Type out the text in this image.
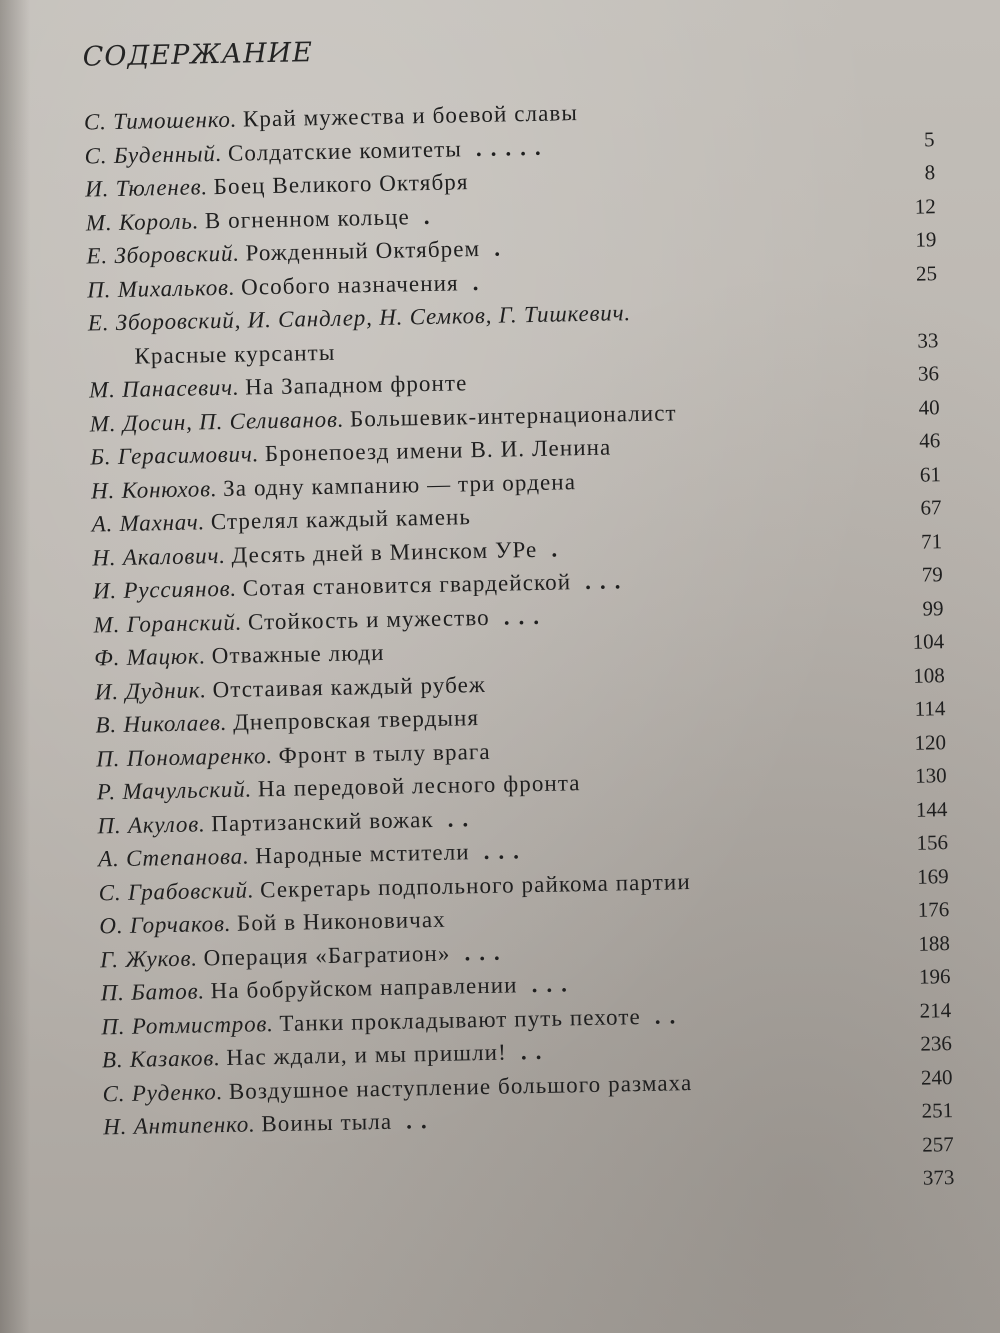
СОДЕРЖАНИЕ
С. Тимошенко. Край мужества и боевой славы
С. Буденный. Солдатские комитеты .....	5
И. Тюленев. Боец Великого Октября	8
М. Король. В огненном кольце .	12
Е. Зборовский. Рожденный Октябрем .	19
П. Михальков. Особого назначения .	25
Е. Зборовский, И. Сандлер, Н. Семков, Г. Тишкевич.
Красные курсанты	33
М. Панасевич. На Западном фронте	36
М. Досин, П. Селиванов. Большевик-интернационалист	40
Б. Герасимович. Бронепоезд имени В. И. Ленина	46
Н. Конюхов. За одну кампанию — три ордена	61
А. Махнач. Стрелял каждый камень	67
Н. Акалович. Десять дней в Минском УРе .	71
И. Руссиянов. Сотая становится гвардейской ...	79
М. Горанский. Стойкость и мужество ...	99
Ф. Мацюк. Отважные люди	104
И. Дудник. Отстаивая каждый рубеж	108
В. Николаев. Днепровская твердыня	114
П. Пономаренко. Фронт в тылу врага	120
Р. Мачульский. На передовой лесного фронта	130
П. Акулов. Партизанский вожак ..	144
А. Степанова. Народные мстители ...	156
С. Грабовский. Секретарь подпольного райкома партии	169
О. Горчаков. Бой в Никоновичах	176
Г. Жуков. Операция «Багратион» ...	188
П. Батов. На бобруйском направлении ...	196
П. Ротмистров. Танки прокладывают путь пехоте ..	214
В. Казаков. Нас ждали, и мы пришли! ..	236
С. Руденко. Воздушное наступление большого размаха	240
Н. Антипенко. Воины тыла ..	251
257
373
